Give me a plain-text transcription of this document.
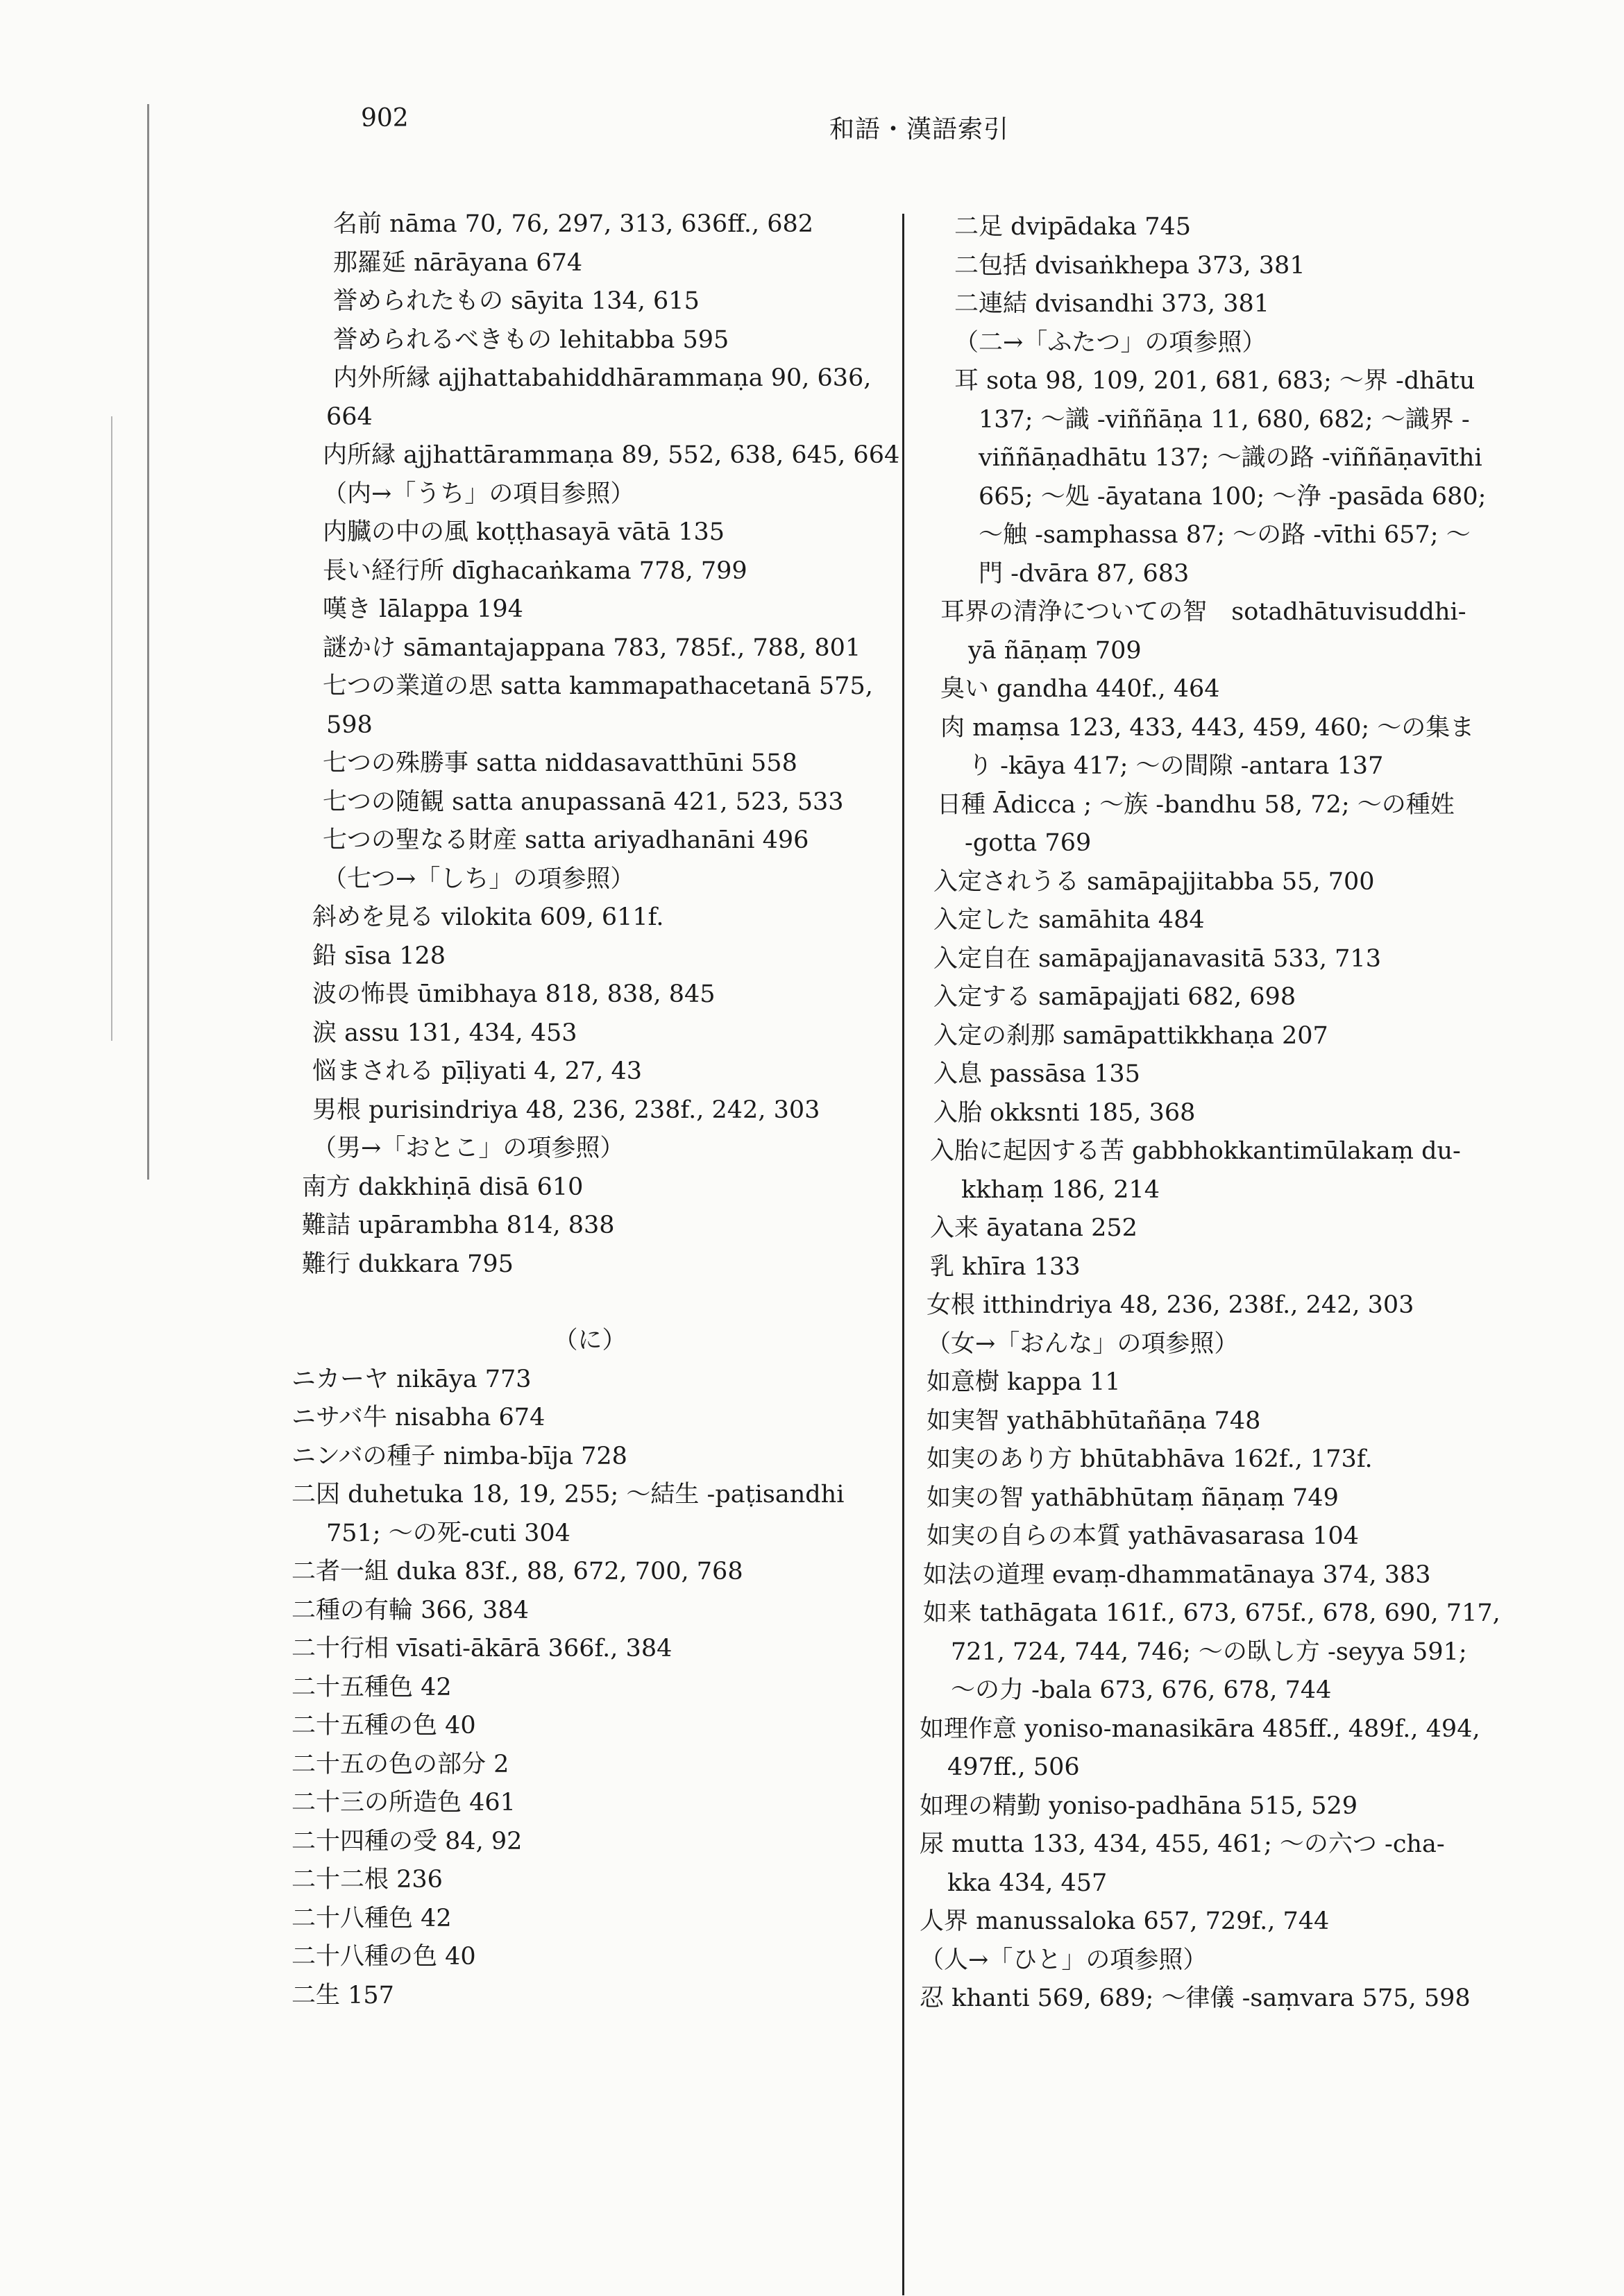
902	和語・漢語索引
名前 nāma 70, 76, 297, 313, 636ff., 682
那羅延 nārāyana 674
誉められたもの sāyita 134, 615
誉められるべきもの lehitabba 595
内外所縁 ajjhattabahiddhārammaṇa 90, 636,
664
内所縁 ajjhattārammaṇa 89, 552, 638, 645, 664
（内→「うち」の項目参照）
内臓の中の風 koṭṭhasayā vātā 135
長い経行所 dīghacaṅkama 778, 799
嘆き lālappa 194
謎かけ sāmantajappana 783, 785f., 788, 801
七つの業道の思 satta kammapathacetanā 575,
598
七つの殊勝事 satta niddasavatthūni 558
七つの随観 satta anupassanā 421, 523, 533
七つの聖なる財産 satta ariyadhanāni 496
（七つ→「しち」の項参照）
斜めを見る vilokita 609, 611f.
鉛 sīsa 128
波の怖畏 ūmibhaya 818, 838, 845
涙 assu 131, 434, 453
悩まされる pīḷiyati 4, 27, 43
男根 purisindriya 48, 236, 238f., 242, 303
（男→「おとこ」の項参照）
南方 dakkhiṇā disā 610
難詰 upārambha 814, 838
難行 dukkara 795
（に）
ニカーヤ nikāya 773
ニサバ牛 nisabha 674
ニンバの種子 nimba-bīja 728
二因 duhetuka 18, 19, 255; ～結生 -paṭisandhi
751; ～の死-cuti 304
二者一組 duka 83f., 88, 672, 700, 768
二種の有輪 366, 384
二十行相 vīsati-ākārā 366f., 384
二十五種色 42
二十五種の色 40
二十五の色の部分 2
二十三の所造色 461
二十四種の受 84, 92
二十二根 236
二十八種色 42
二十八種の色 40
二生 157
二足 dvipādaka 745
二包括 dvisaṅkhepa 373, 381
二連結 dvisandhi 373, 381
（二→「ふたつ」の項参照）
耳 sota 98, 109, 201, 681, 683; ～界 -dhātu
137; ～識 -viññāṇa 11, 680, 682; ～識界 -
viññāṇadhātu 137; ～識の路 -viññāṇavīthi
665; ～処 -āyatana 100; ～浄 -pasāda 680;
～触 -samphassa 87; ～の路 -vīthi 657; ～
門 -dvāra 87, 683
耳界の清浄についての智　sotadhātuvisuddhi-
yā ñāṇaṃ 709
臭い gandha 440f., 464
肉 maṃsa 123, 433, 443, 459, 460; ～の集ま
り -kāya 417; ～の間隙 -antara 137
日種 Ādicca ; ～族 -bandhu 58, 72; ～の種姓
-gotta 769
入定されうる samāpajjitabba 55, 700
入定した samāhita 484
入定自在 samāpajjanavasitā 533, 713
入定する samāpajjati 682, 698
入定の刹那 samāpattikkhaṇa 207
入息 passāsa 135
入胎 okksnti 185, 368
入胎に起因する苦 gabbhokkantimūlakaṃ du-
kkhaṃ 186, 214
入来 āyatana 252
乳 khīra 133
女根 itthindriya 48, 236, 238f., 242, 303
（女→「おんな」の項参照）
如意樹 kappa 11
如実智 yathābhūtañāṇa 748
如実のあり方 bhūtabhāva 162f., 173f.
如実の智 yathābhūtaṃ ñāṇaṃ 749
如実の自らの本質 yathāvasarasa 104
如法の道理 evaṃ-dhammatānaya 374, 383
如来 tathāgata 161f., 673, 675f., 678, 690, 717,
721, 724, 744, 746; ～の臥し方 -seyya 591;
～の力 -bala 673, 676, 678, 744
如理作意 yoniso-manasikāra 485ff., 489f., 494,
497ff., 506
如理の精勤 yoniso-padhāna 515, 529
尿 mutta 133, 434, 455, 461; ～の六つ -cha-
kka 434, 457
人界 manussaloka 657, 729f., 744
（人→「ひと」の項参照）
忍 khanti 569, 689; ～律儀 -saṃvara 575, 598
